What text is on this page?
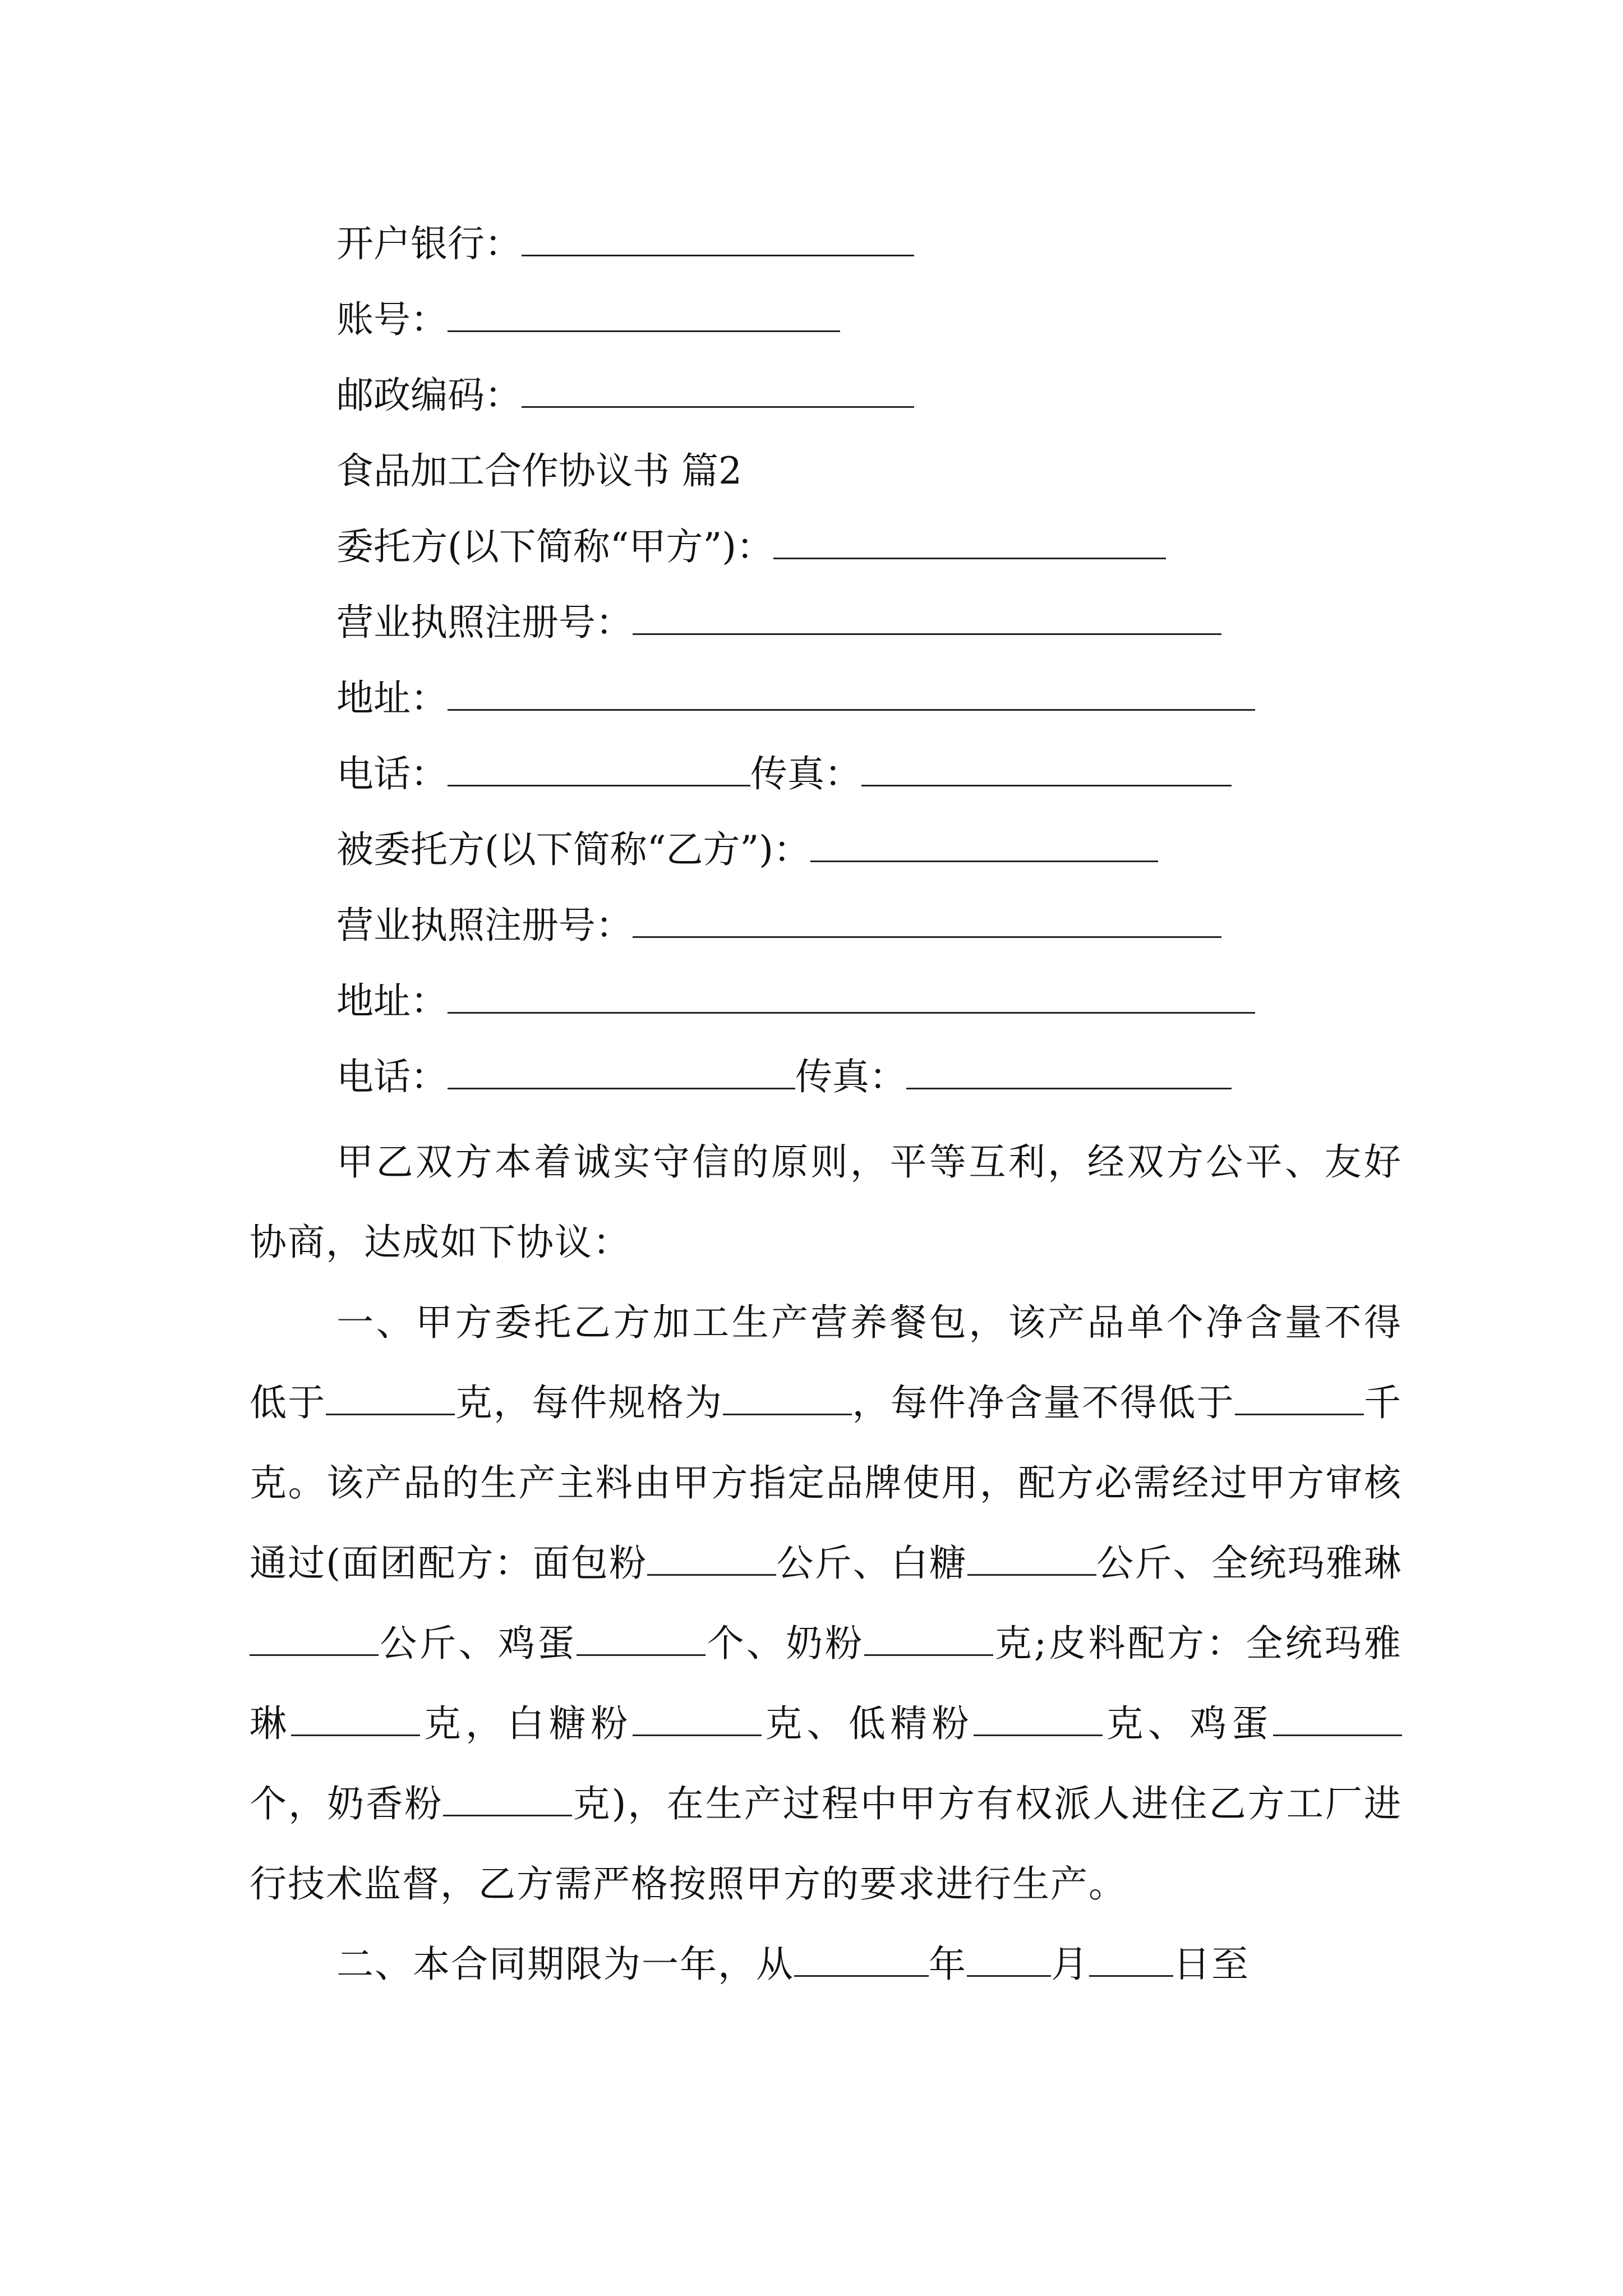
开户银行：
账号：
邮政编码：
食品加工合作协议书 篇2
委托方(以下简称“甲方”)：
营业执照注册号：
地址：
电话：	传真：
被委托方(以下简称“乙方”)：
营业执照注册号：
地址：
电话：	传真：
甲乙双方本着诚实守信的原则，平等互利，经双方公平、友好协商，达成如下协议：
一、甲方委托乙方加工生产营养餐包，该产品单个净含量不得低于	克，每件规格为	，每件净含量不得低于	千克。该产品的生产主料由甲方指定品牌使用，配方必需经过甲方审核通过(面团配方：面包粉	公斤、白糖	公斤、全统玛雅琳公斤、鸡蛋	个、奶粉	克;皮料配方：全统玛雅琳	克，白糖粉	克、低精粉	克、鸡蛋个，奶香粉	克)，在生产过程中甲方有权派人进住乙方工厂进行技术监督，乙方需严格按照甲方的要求进行生产。
二、本合同期限为一年，从	年 月 日至
